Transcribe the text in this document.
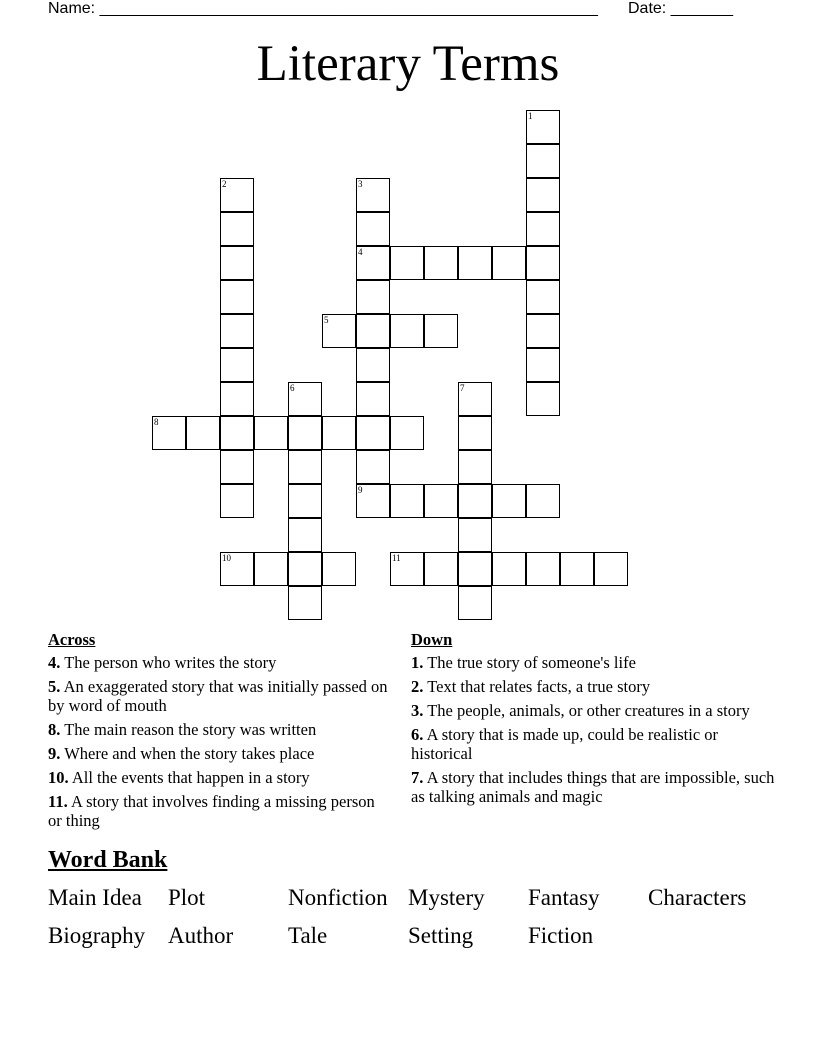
Name: ________________________________________________________ Date: _______
Literary Terms
1
2	3
4
9
5
6	7
8
10	11
Across
4. The person who writes the story
5. An exaggerated story that was initially passed on by word of mouth
8. The main reason the story was written
9. Where and when the story takes place
10. All the events that happen in a story
11. A story that involves finding a missing person or thing
Down
1. The true story of someone's life
2. Text that relates facts, a true story
3. The people, animals, or other creatures in a story
6. A story that is made up, could be realistic or historical
7. A story that includes things that are impossible, such as talking animals and magic
Word Bank
Main Idea Plot	Nonfiction Mystery Fantasy Characters
Biography Author Tale	Setting Fiction
